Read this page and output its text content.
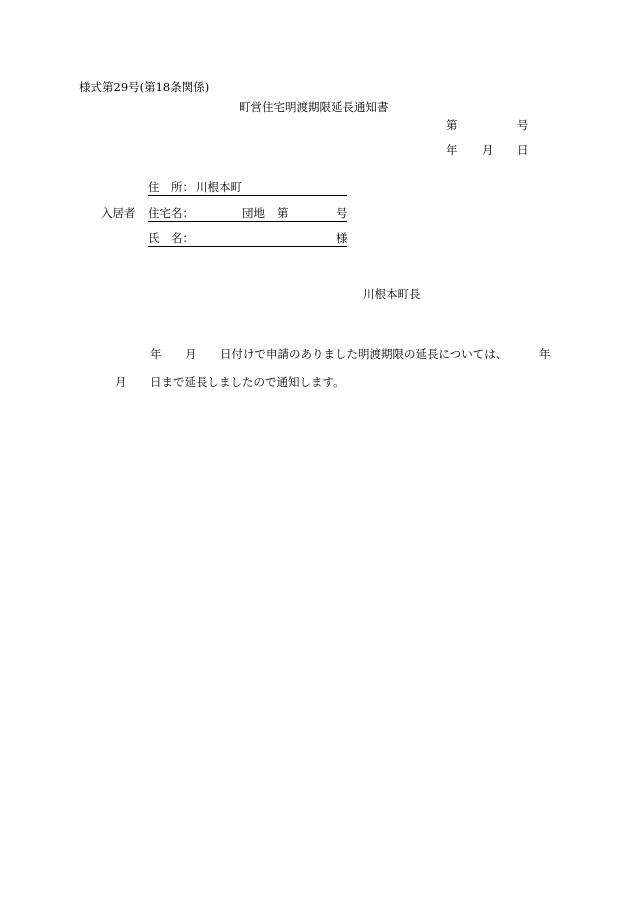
様式第29号(第18条関係)
町営住宅明渡期限延長通知書
第	号
年 月 日
入居者
住　所： 川根本町
住宅名：	団地 第	号
氏　名：	様
川根本町長
年 月 日付けで申請のありました明渡期限の延長については、	年
月 日まで延長しましたので通知します。
